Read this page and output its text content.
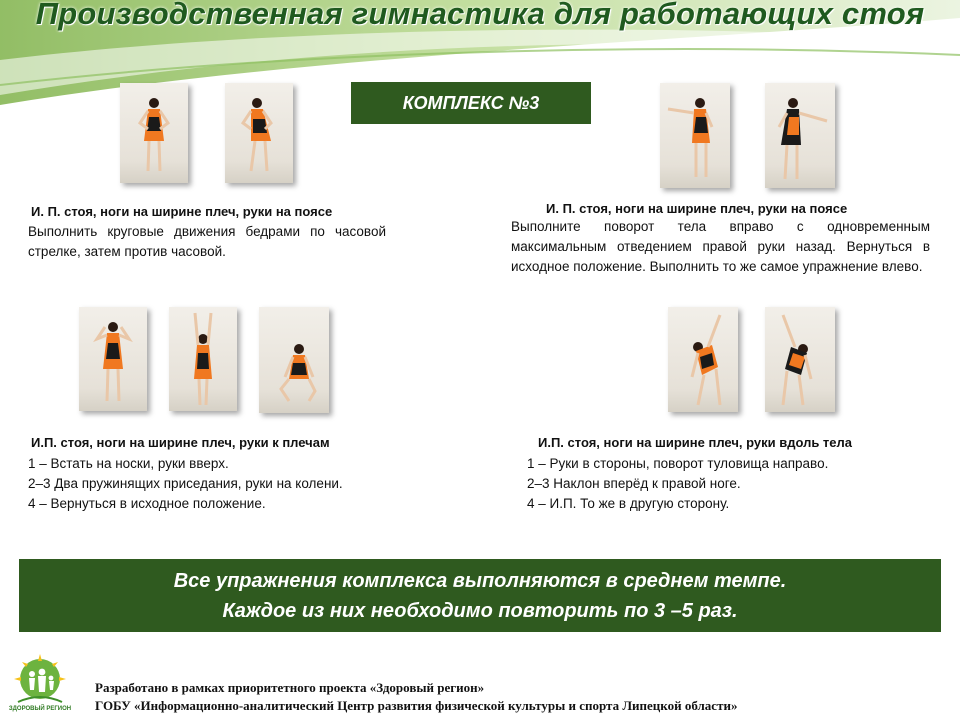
Производственная гимнастика для работающих стоя
КОМПЛЕКС №3
И. П. стоя, ноги на ширине плеч, руки на поясе
Выполнить круговые движения бедрами по часовой стрелке, затем против часовой.
И. П. стоя, ноги на ширине плеч, руки на поясе
Выполните поворот тела вправо с одновременным максимальным отведением правой руки назад. Вернуться в исходное положение. Выполнить то же самое упражнение влево.
И.П. стоя, ноги на ширине плеч, руки к плечам
1 – Встать на носки, руки вверх.
2–3 Два пружинящих приседания, руки на колени.
4 – Вернуться в исходное положение.
И.П. стоя, ноги на ширине плеч, руки вдоль тела
1 – Руки в стороны, поворот туловища направо.
2–3 Наклон вперёд к правой ноге.
4 – И.П. То же в другую сторону.
Все упражнения комплекса выполняются в среднем темпе.
Каждое из них необходимо повторить по 3 –5 раз.
ЗДОРОВЫЙ РЕГИОН
Разработано в рамках приоритетного проекта «Здоровый регион»
ГОБУ «Информационно-аналитический Центр развития физической культуры и спорта Липецкой области»
